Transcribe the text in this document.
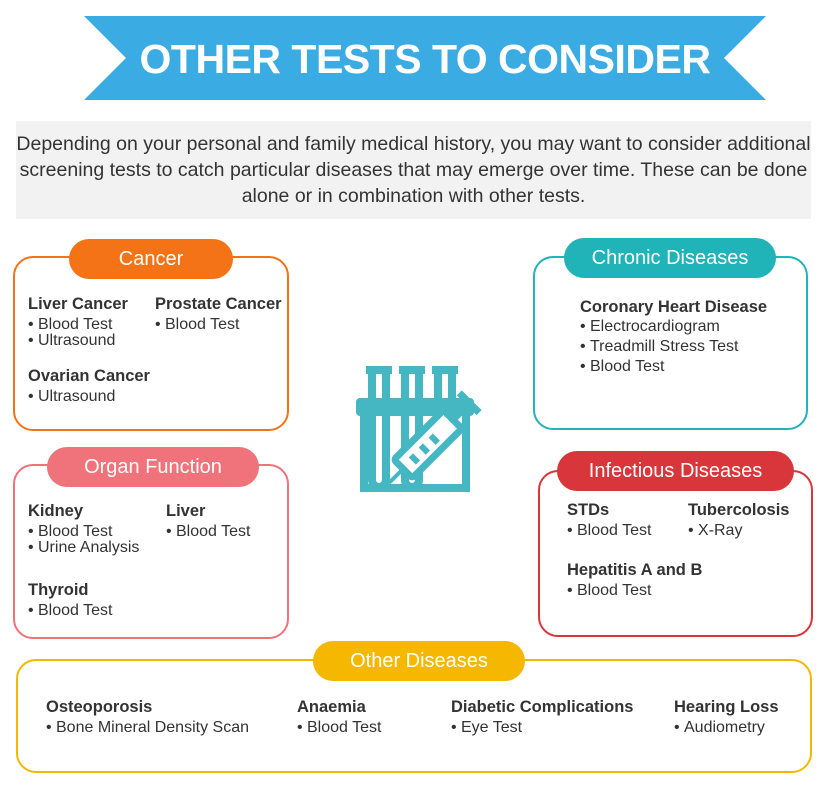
OTHER TESTS TO CONSIDER
Depending on your personal and family medical history, you may want to consider additional screening tests to catch particular diseases that may emerge over time. These can be done alone or in combination with other tests.
Cancer
Liver Cancer
• Blood Test
• Ultrasound
Prostate Cancer
• Blood Test
Ovarian Cancer
• Ultrasound
Organ Function
Kidney
• Blood Test
• Urine Analysis
Liver
• Blood Test
Thyroid
• Blood Test
Chronic Diseases
Coronary Heart Disease
• Electrocardiogram
• Treadmill Stress Test
• Blood Test
Infectious Diseases
STDs
• Blood Test
Tubercolosis
• X-Ray
Hepatitis A and B
• Blood Test
Other Diseases
Osteoporosis
• Bone Mineral Density Scan
Anaemia
• Blood Test
Diabetic Complications
• Eye Test
Hearing Loss
• Audiometry
